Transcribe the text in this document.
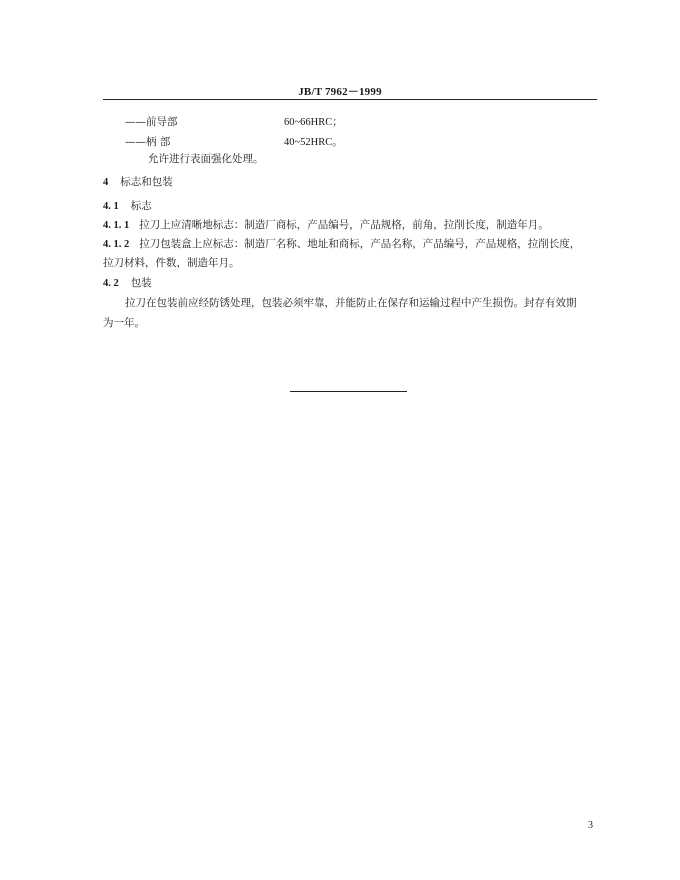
JB/T 7962－1999
——前导部	60~66HRC；
——柄 部	40~52HRC。
允许进行表面强化处理。
4 标志和包装
4. 1 标志
4. 1. 1 拉刀上应清晰地标志：制造厂商标，产品编号，产品规格，前角，拉削长度，制造年月。
4. 1. 2 拉刀包装盒上应标志：制造厂名称、地址和商标，产品名称，产品编号，产品规格，拉削长度，
拉刀材料，件数，制造年月。
4. 2 包装
拉刀在包装前应经防锈处理，包装必须牢靠，并能防止在保存和运输过程中产生损伤。封存有效期
为一年。
3
